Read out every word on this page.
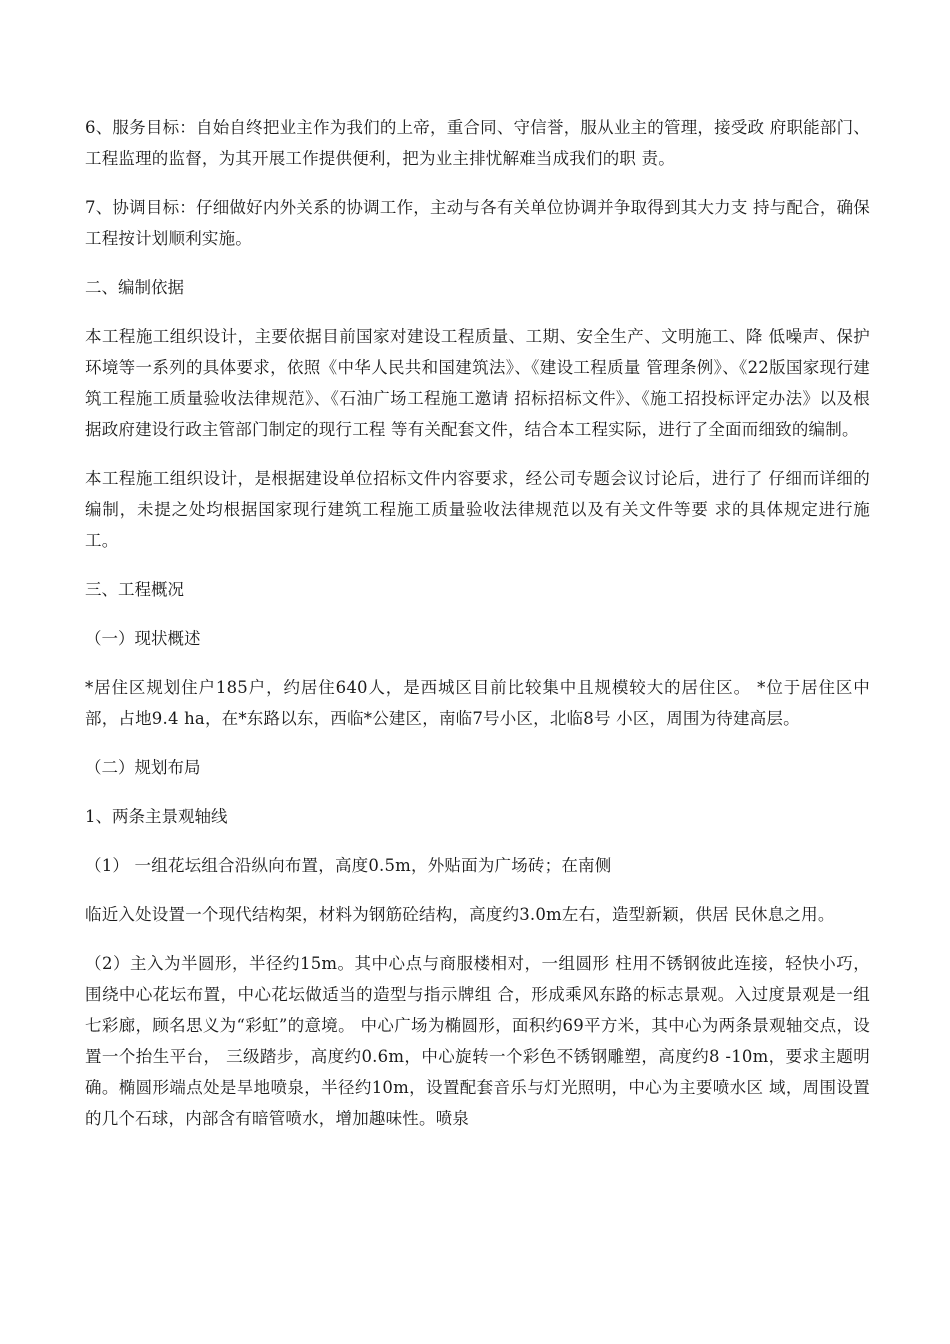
6、服务目标：自始自终把业主作为我们的上帝，重合同、守信誉，服从业主的管理，接受政 府职能部门、工程监理的监督，为其开展工作提供便利，把为业主排忧解难当成我们的职 责。

7、协调目标：仔细做好内外关系的协调工作，主动与各有关单位协调并争取得到其大力支 持与配合，确保工程按计划顺利实施。

二、编制依据

本工程施工组织设计，主要依据目前国家对建设工程质量、工期、安全生产、文明施工、降 低噪声、保护环境等一系列的具体要求，依照《中华人民共和国建筑法》、《建设工程质量 管理条例》、《22版国家现行建筑工程施工质量验收法律规范》、《石油广场工程施工邀请 招标招标文件》、《施工招投标评定办法》以及根据政府建设行政主管部门制定的现行工程 等有关配套文件，结合本工程实际，进行了全面而细致的编制。

本工程施工组织设计，是根据建设单位招标文件内容要求，经公司专题会议讨论后，进行了 仔细而详细的编制，未提之处均根据国家现行建筑工程施工质量验收法律规范以及有关文件等要 求的具体规定进行施工。

三、工程概况

（一）现状概述

*居住区规划住户185户，约居住640人，是西城区目前比较集中且规模较大的居住区。 *位于居住区中部，占地9.4 ha，在*东路以东，西临*公建区，南临7号小区，北临8号 小区，周围为待建高层。

（二）规划布局

1、两条主景观轴线

（1） 一组花坛组合沿纵向布置，高度0.5m，外贴面为广场砖；在南侧

临近入处设置一个现代结构架，材料为钢筋砼结构，高度约3.0m左右，造型新颖，供居 民休息之用。

（2）主入为半圆形，半径约15m。其中心点与商服楼相对，一组圆形 柱用不锈钢彼此连接，轻快小巧，围绕中心花坛布置，中心花坛做适当的造型与指示牌组 合，形成乘风东路的标志景观。入过度景观是一组七彩廊，顾名思义为“彩虹”的意境。 中心广场为椭圆形，面积约69平方米，其中心为两条景观轴交点，设置一个抬生平台， 三级踏步，高度约0.6m，中心旋转一个彩色不锈钢雕塑，高度约8 -10m，要求主题明 确。椭圆形端点处是旱地喷泉，半径约10m，设置配套音乐与灯光照明，中心为主要喷水区 域，周围设置的几个石球，内部含有暗管喷水，增加趣味性。喷泉
